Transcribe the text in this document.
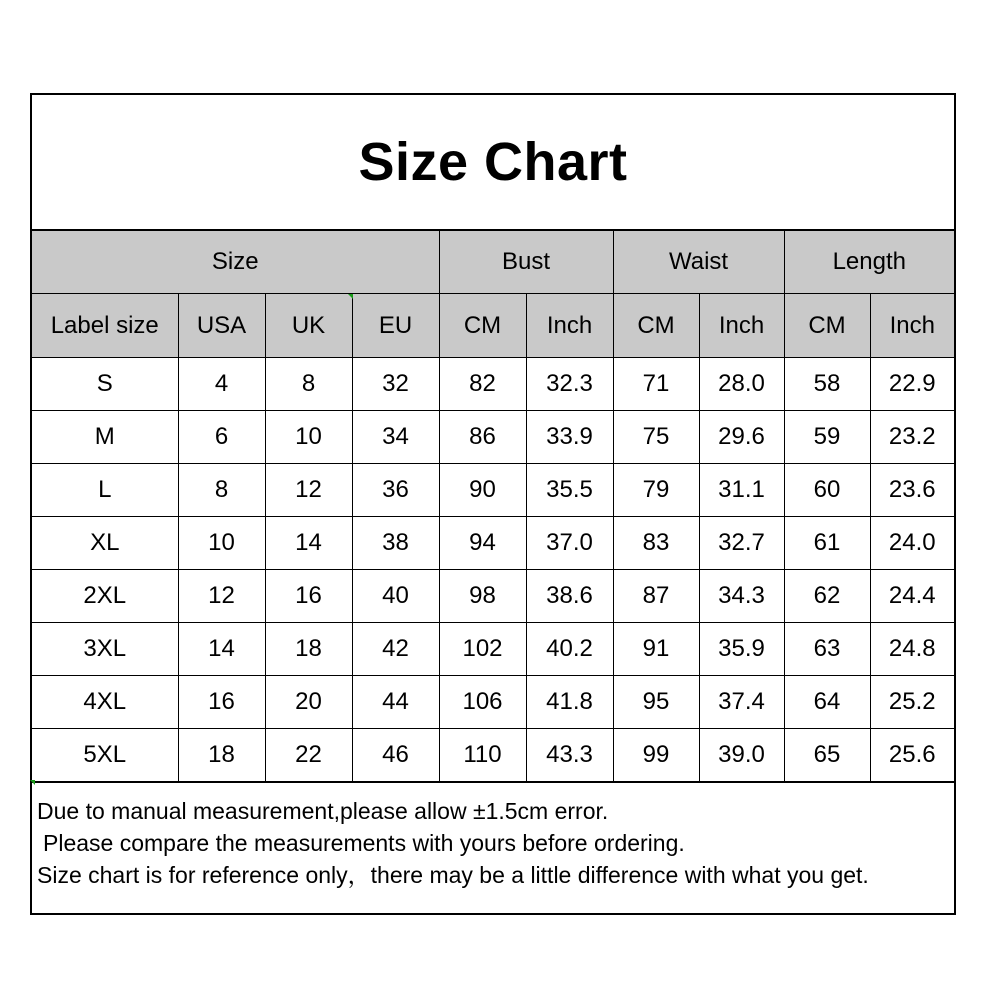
Size Chart
Size				Bust		Waist		Length	
Label size	USA	UK	EU	CM	Inch	CM	Inch	CM	Inch
S	4	8	32	82	32.3	71	28.0	58	22.9
M	6	10	34	86	33.9	75	29.6	59	23.2
L	8	12	36	90	35.5	79	31.1	60	23.6
XL	10	14	38	94	37.0	83	32.7	61	24.0
2XL	12	16	40	98	38.6	87	34.3	62	24.4
3XL	14	18	42	102	40.2	91	35.9	63	24.8
4XL	16	20	44	106	41.8	95	37.4	64	25.2
5XL	18	22	46	110	43.3	99	39.0	65	25.6

Due to manual measurement,please allow ±1.5cm error.

Please compare the measurements with yours before ordering.

Size chart is for reference only，there may be a little difference with what you get.
